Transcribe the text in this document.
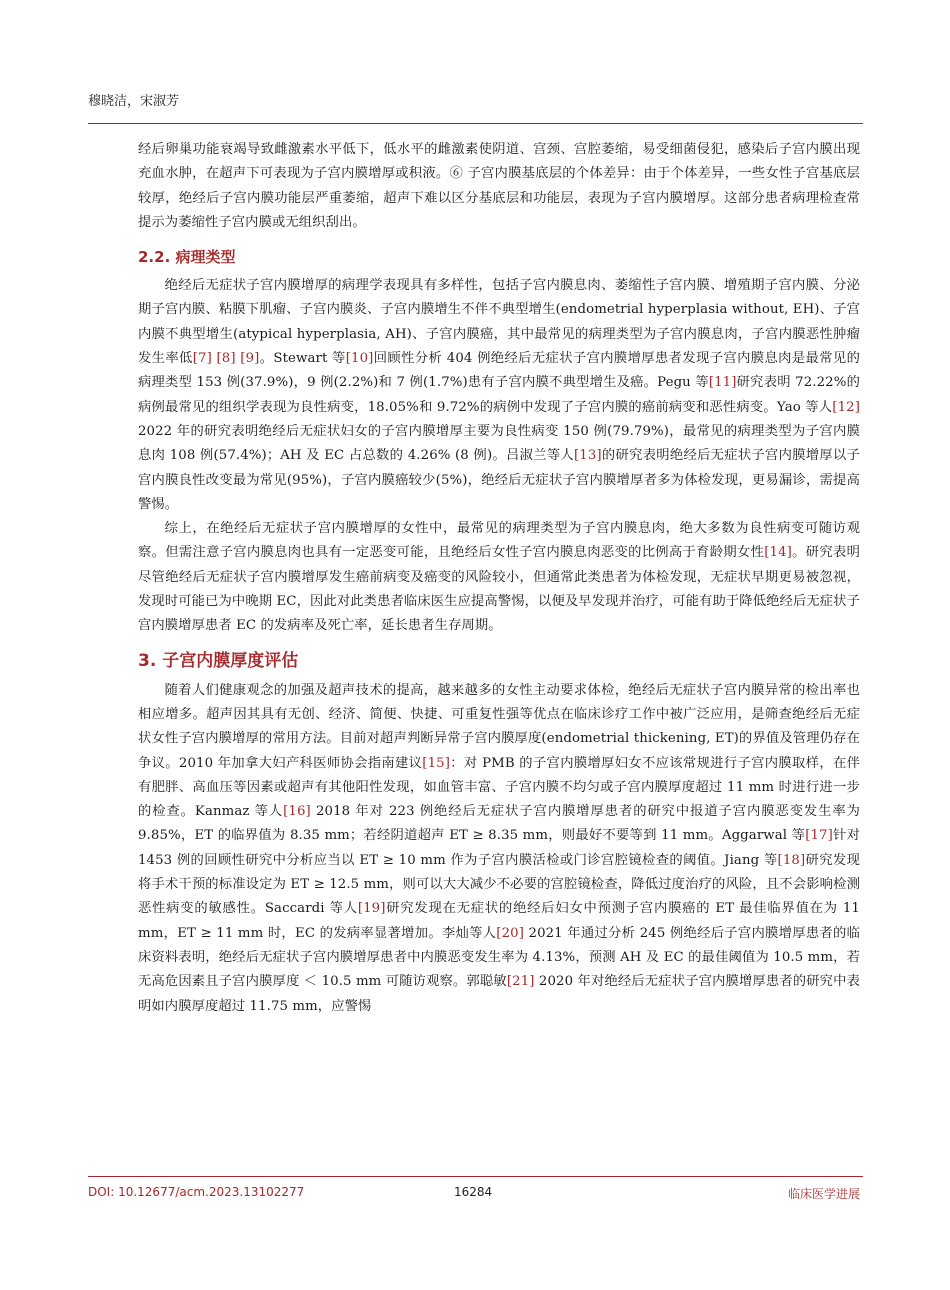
穆晓洁，宋淑芳

经后卵巢功能衰竭导致雌激素水平低下，低水平的雌激素使阴道、宫颈、宫腔萎缩，易受细菌侵犯，感染后子宫内膜出现充血水肿，在超声下可表现为子宫内膜增厚或积液。⑥ 子宫内膜基底层的个体差异：由于个体差异，一些女性子宫基底层较厚，绝经后子宫内膜功能层严重萎缩，超声下难以区分基底层和功能层，表现为子宫内膜增厚。这部分患者病理检查常提示为萎缩性子宫内膜或无组织刮出。

2.2. 病理类型

绝经后无症状子宫内膜增厚的病理学表现具有多样性，包括子宫内膜息肉、萎缩性子宫内膜、增殖期子宫内膜、分泌期子宫内膜、粘膜下肌瘤、子宫内膜炎、子宫内膜增生不伴不典型增生(endometrial hyperplasia without, EH)、子宫内膜不典型增生(atypical hyperplasia, AH)、子宫内膜癌，其中最常见的病理类型为子宫内膜息肉，子宫内膜恶性肿瘤发生率低[7] [8] [9]。Stewart 等[10]回顾性分析 404 例绝经后无症状子宫内膜增厚患者发现子宫内膜息肉是最常见的病理类型 153 例(37.9%)，9 例(2.2%)和 7 例(1.7%)患有子宫内膜不典型增生及癌。Pegu 等[11]研究表明 72.22%的病例最常见的组织学表现为良性病变，18.05%和 9.72%的病例中发现了子宫内膜的癌前病变和恶性病变。Yao 等人[12] 2022 年的研究表明绝经后无症状妇女的子宫内膜增厚主要为良性病变 150 例(79.79%)，最常见的病理类型为子宫内膜息肉 108 例(57.4%)；AH 及 EC 占总数的 4.26% (8 例)。吕淑兰等人[13]的研究表明绝经后无症状子宫内膜增厚以子宫内膜良性改变最为常见(95%)，子宫内膜癌较少(5%)，绝经后无症状子宫内膜增厚者多为体检发现，更易漏诊，需提高警惕。

综上，在绝经后无症状子宫内膜增厚的女性中，最常见的病理类型为子宫内膜息肉，绝大多数为良性病变可随访观察。但需注意子宫内膜息肉也具有一定恶变可能，且绝经后女性子宫内膜息肉恶变的比例高于育龄期女性[14]。研究表明尽管绝经后无症状子宫内膜增厚发生癌前病变及癌变的风险较小，但通常此类患者为体检发现，无症状早期更易被忽视，发现时可能已为中晚期 EC，因此对此类患者临床医生应提高警惕，以便及早发现并治疗，可能有助于降低绝经后无症状子宫内膜增厚患者 EC 的发病率及死亡率，延长患者生存周期。

3. 子宫内膜厚度评估

随着人们健康观念的加强及超声技术的提高，越来越多的女性主动要求体检，绝经后无症状子宫内膜异常的检出率也相应增多。超声因其具有无创、经济、简便、快捷、可重复性强等优点在临床诊疗工作中被广泛应用，是筛查绝经后无症状女性子宫内膜增厚的常用方法。目前对超声判断异常子宫内膜厚度(endometrial thickening, ET)的界值及管理仍存在争议。2010 年加拿大妇产科医师协会指南建议[15]：对 PMB 的子宫内膜增厚妇女不应该常规进行子宫内膜取样，在伴有肥胖、高血压等因素或超声有其他阳性发现，如血管丰富、子宫内膜不均匀或子宫内膜厚度超过 11 mm 时进行进一步的检查。Kanmaz 等人[16] 2018 年对 223 例绝经后无症状子宫内膜增厚患者的研究中报道子宫内膜恶变发生率为 9.85%，ET 的临界值为 8.35 mm；若经阴道超声 ET ≥ 8.35 mm，则最好不要等到 11 mm。Aggarwal 等[17]针对 1453 例的回顾性研究中分析应当以 ET ≥ 10 mm 作为子宫内膜活检或门诊宫腔镜检查的阈值。Jiang 等[18]研究发现将手术干预的标准设定为 ET ≥ 12.5 mm，则可以大大减少不必要的宫腔镜检查，降低过度治疗的风险，且不会影响检测恶性病变的敏感性。Saccardi 等人[19]研究发现在无症状的绝经后妇女中预测子宫内膜癌的 ET 最佳临界值在为 11 mm，ET ≥ 11 mm 时，EC 的发病率显著增加。李灿等人[20] 2021 年通过分析 245 例绝经后子宫内膜增厚患者的临床资料表明，绝经后无症状子宫内膜增厚患者中内膜恶变发生率为 4.13%，预测 AH 及 EC 的最佳阈值为 10.5 mm，若无高危因素且子宫内膜厚度 ＜ 10.5 mm 可随访观察。郭聪敏[21] 2020 年对绝经后无症状子宫内膜增厚患者的研究中表明如内膜厚度超过 11.75 mm，应警惕

DOI: 10.12677/acm.2023.13102277	16284	临床医学进展
